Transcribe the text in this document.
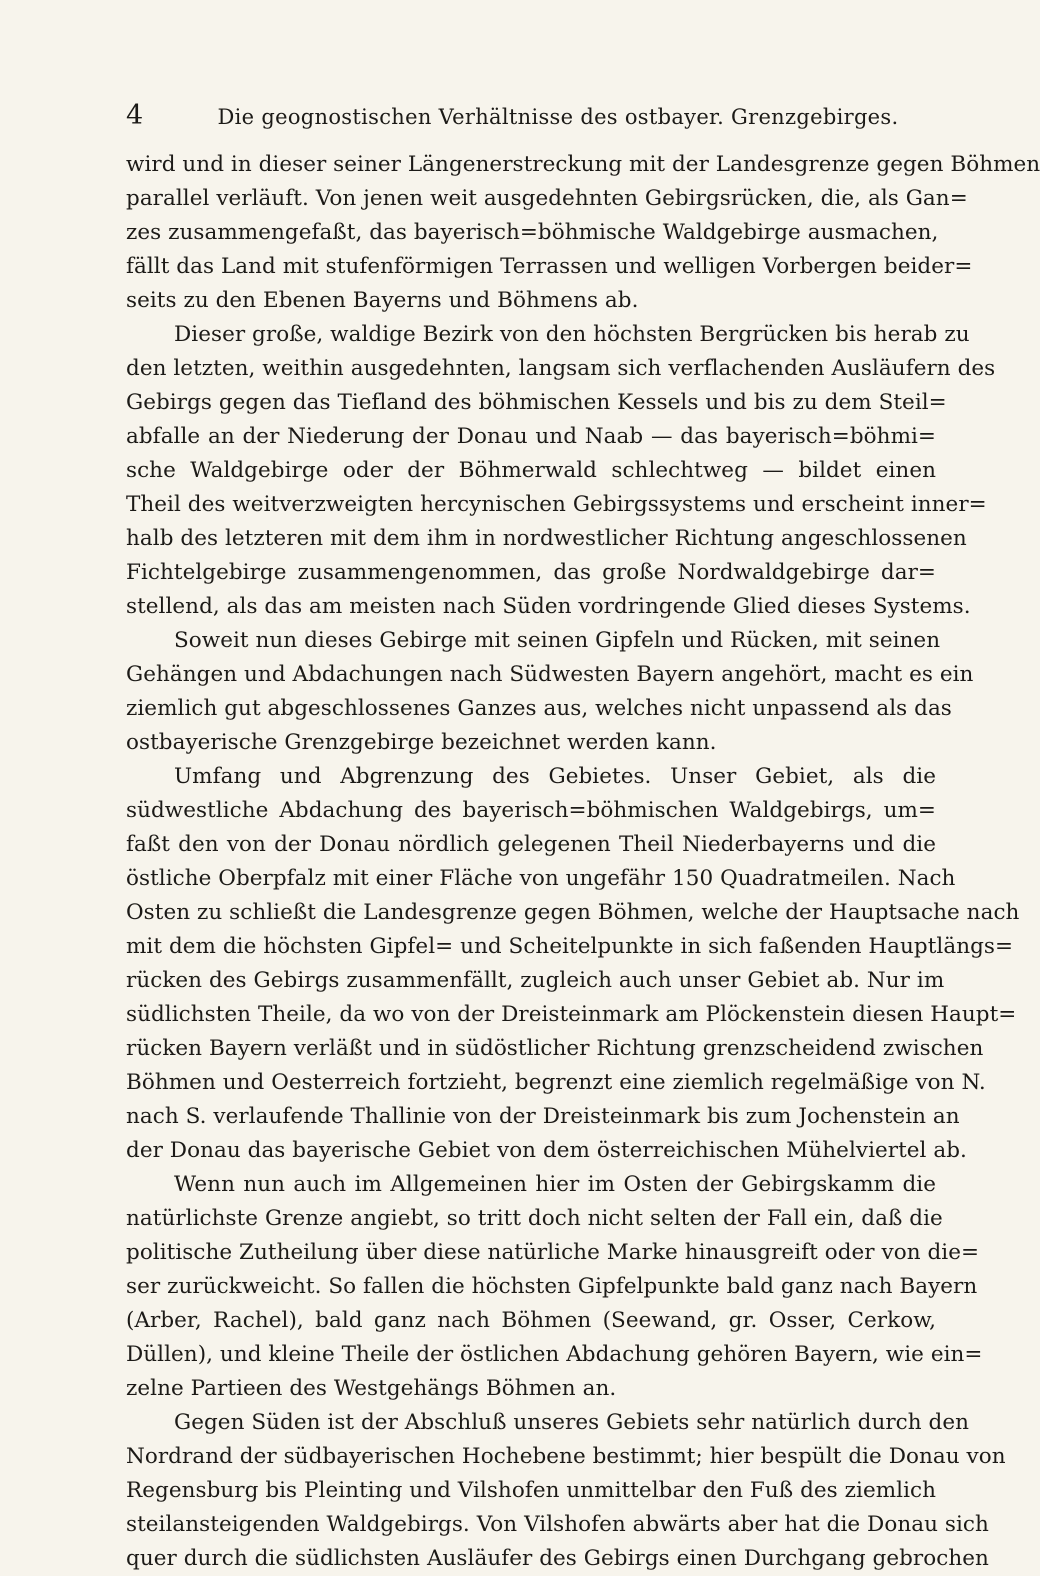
4	Die geognostischen Verhältnisse des ostbayer. Grenzgebirges.
wird und in dieser seiner Längenerstreckung mit der Landesgrenze gegen Böhmen
parallel verläuft. Von jenen weit ausgedehnten Gebirgsrücken, die, als Gan=
zes zusammengefaßt, das bayerisch=böhmische Waldgebirge ausmachen,
fällt das Land mit stufenförmigen Terrassen und welligen Vorbergen beider=
seits zu den Ebenen Bayerns und Böhmens ab.
Dieser große, waldige Bezirk von den höchsten Bergrücken bis herab zu
den letzten, weithin ausgedehnten, langsam sich verflachenden Ausläufern des
Gebirgs gegen das Tiefland des böhmischen Kessels und bis zu dem Steil=
abfalle an der Niederung der Donau und Naab — das bayerisch=böhmi=
sche Waldgebirge oder der Böhmerwald schlechtweg — bildet einen
Theil des weitverzweigten hercynischen Gebirgssystems und erscheint inner=
halb des letzteren mit dem ihm in nordwestlicher Richtung angeschlossenen
Fichtelgebirge zusammengenommen, das große Nordwaldgebirge dar=
stellend, als das am meisten nach Süden vordringende Glied dieses Systems.
Soweit nun dieses Gebirge mit seinen Gipfeln und Rücken, mit seinen
Gehängen und Abdachungen nach Südwesten Bayern angehört, macht es ein
ziemlich gut abgeschlossenes Ganzes aus, welches nicht unpassend als das
ostbayerische Grenzgebirge bezeichnet werden kann.
Umfang und Abgrenzung des Gebietes. Unser Gebiet, als die
südwestliche Abdachung des bayerisch=böhmischen Waldgebirgs, um=
faßt den von der Donau nördlich gelegenen Theil Niederbayerns und die
östliche Oberpfalz mit einer Fläche von ungefähr 150 Quadratmeilen. Nach
Osten zu schließt die Landesgrenze gegen Böhmen, welche der Hauptsache nach
mit dem die höchsten Gipfel= und Scheitelpunkte in sich faßenden Hauptlängs=
rücken des Gebirgs zusammenfällt, zugleich auch unser Gebiet ab. Nur im
südlichsten Theile, da wo von der Dreisteinmark am Plöckenstein diesen Haupt=
rücken Bayern verläßt und in südöstlicher Richtung grenzscheidend zwischen
Böhmen und Oesterreich fortzieht, begrenzt eine ziemlich regelmäßige von N.
nach S. verlaufende Thallinie von der Dreisteinmark bis zum Jochenstein an
der Donau das bayerische Gebiet von dem österreichischen Mühelviertel ab.
Wenn nun auch im Allgemeinen hier im Osten der Gebirgskamm die
natürlichste Grenze angiebt, so tritt doch nicht selten der Fall ein, daß die
politische Zutheilung über diese natürliche Marke hinausgreift oder von die=
ser zurückweicht. So fallen die höchsten Gipfelpunkte bald ganz nach Bayern
(Arber, Rachel), bald ganz nach Böhmen (Seewand, gr. Osser, Cerkow,
Düllen), und kleine Theile der östlichen Abdachung gehören Bayern, wie ein=
zelne Partieen des Westgehängs Böhmen an.
Gegen Süden ist der Abschluß unseres Gebiets sehr natürlich durch den
Nordrand der südbayerischen Hochebene bestimmt; hier bespült die Donau von
Regensburg bis Pleinting und Vilshofen unmittelbar den Fuß des ziemlich
steilansteigenden Waldgebirgs. Von Vilshofen abwärts aber hat die Donau sich
quer durch die südlichsten Ausläufer des Gebirgs einen Durchgang gebrochen
